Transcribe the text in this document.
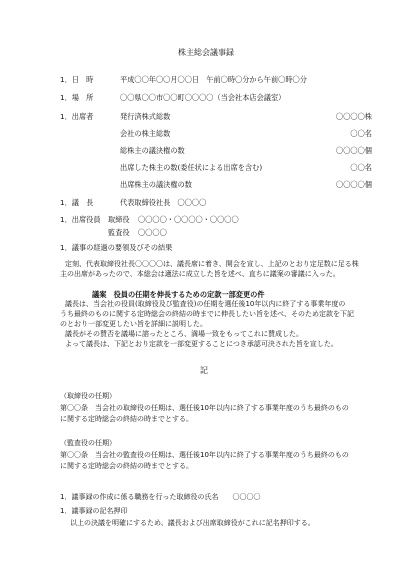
株主総会議事録
1．日　時	平成〇〇年〇〇月〇〇日　午前〇時〇分から午前〇時〇分
1．場　所	〇〇県〇〇市〇〇町〇〇〇〇（当会社本店会議室）
1．出席者	発行済株式総数	〇〇〇〇株
会社の株主総数	〇〇名
総株主の議決権の数	〇〇〇〇個
出席した株主の数(委任状による出席を含む)	〇〇名
出席株主の議決権の数	〇〇〇〇個
1．議　長	代表取締役社長　〇〇〇〇
1．出席役員 取締役 〇〇〇〇・〇〇〇〇・〇〇〇〇
監査役 〇〇〇〇
1．議事の経過の要領及びその結果
定刻、代表取締役社長〇〇〇〇は、議長席に着き、開会を宣し、上記のとおり定足数に足る株
主の出席があったので、本総会は適法に成立した旨を述べ、直ちに議案の審議に入った。
議案　役員の任期を伸長するための定款一部変更の件
議長は、当会社の役員(取締役及び監査役)の任期を選任後10年以内に終了する事業年度の
うち最終のものに関する定時総会の終結の時までに伸長したい旨を述べ、そのため定款を下記
のとおり一部変更したい旨を詳細に説明した。
議長がその賛否を議場に諮ったところ、満場一致をもってこれに賛成した。
よって議長は、下記とおり定款を一部変更することにつき承認可決された旨を宣した。
記
（取締役の任期）
第〇〇条　当会社の取締役の任期は、選任後10年以内に終了する事業年度のうち最終のもの
に関する定時総会の終結の時までとする。
（監査役の任期）
第〇〇条　当会社の監査役の任期は、選任後10年以内に終了する事業年度のうち最終のもの
に関する定時総会の終結の時までとする。
1．議事録の作成に係る職務を行った取締役の氏名　　〇〇〇〇
1．議事録の記名押印
以上の決議を明確にするため、議長および出席取締役がこれに記名押印する。
